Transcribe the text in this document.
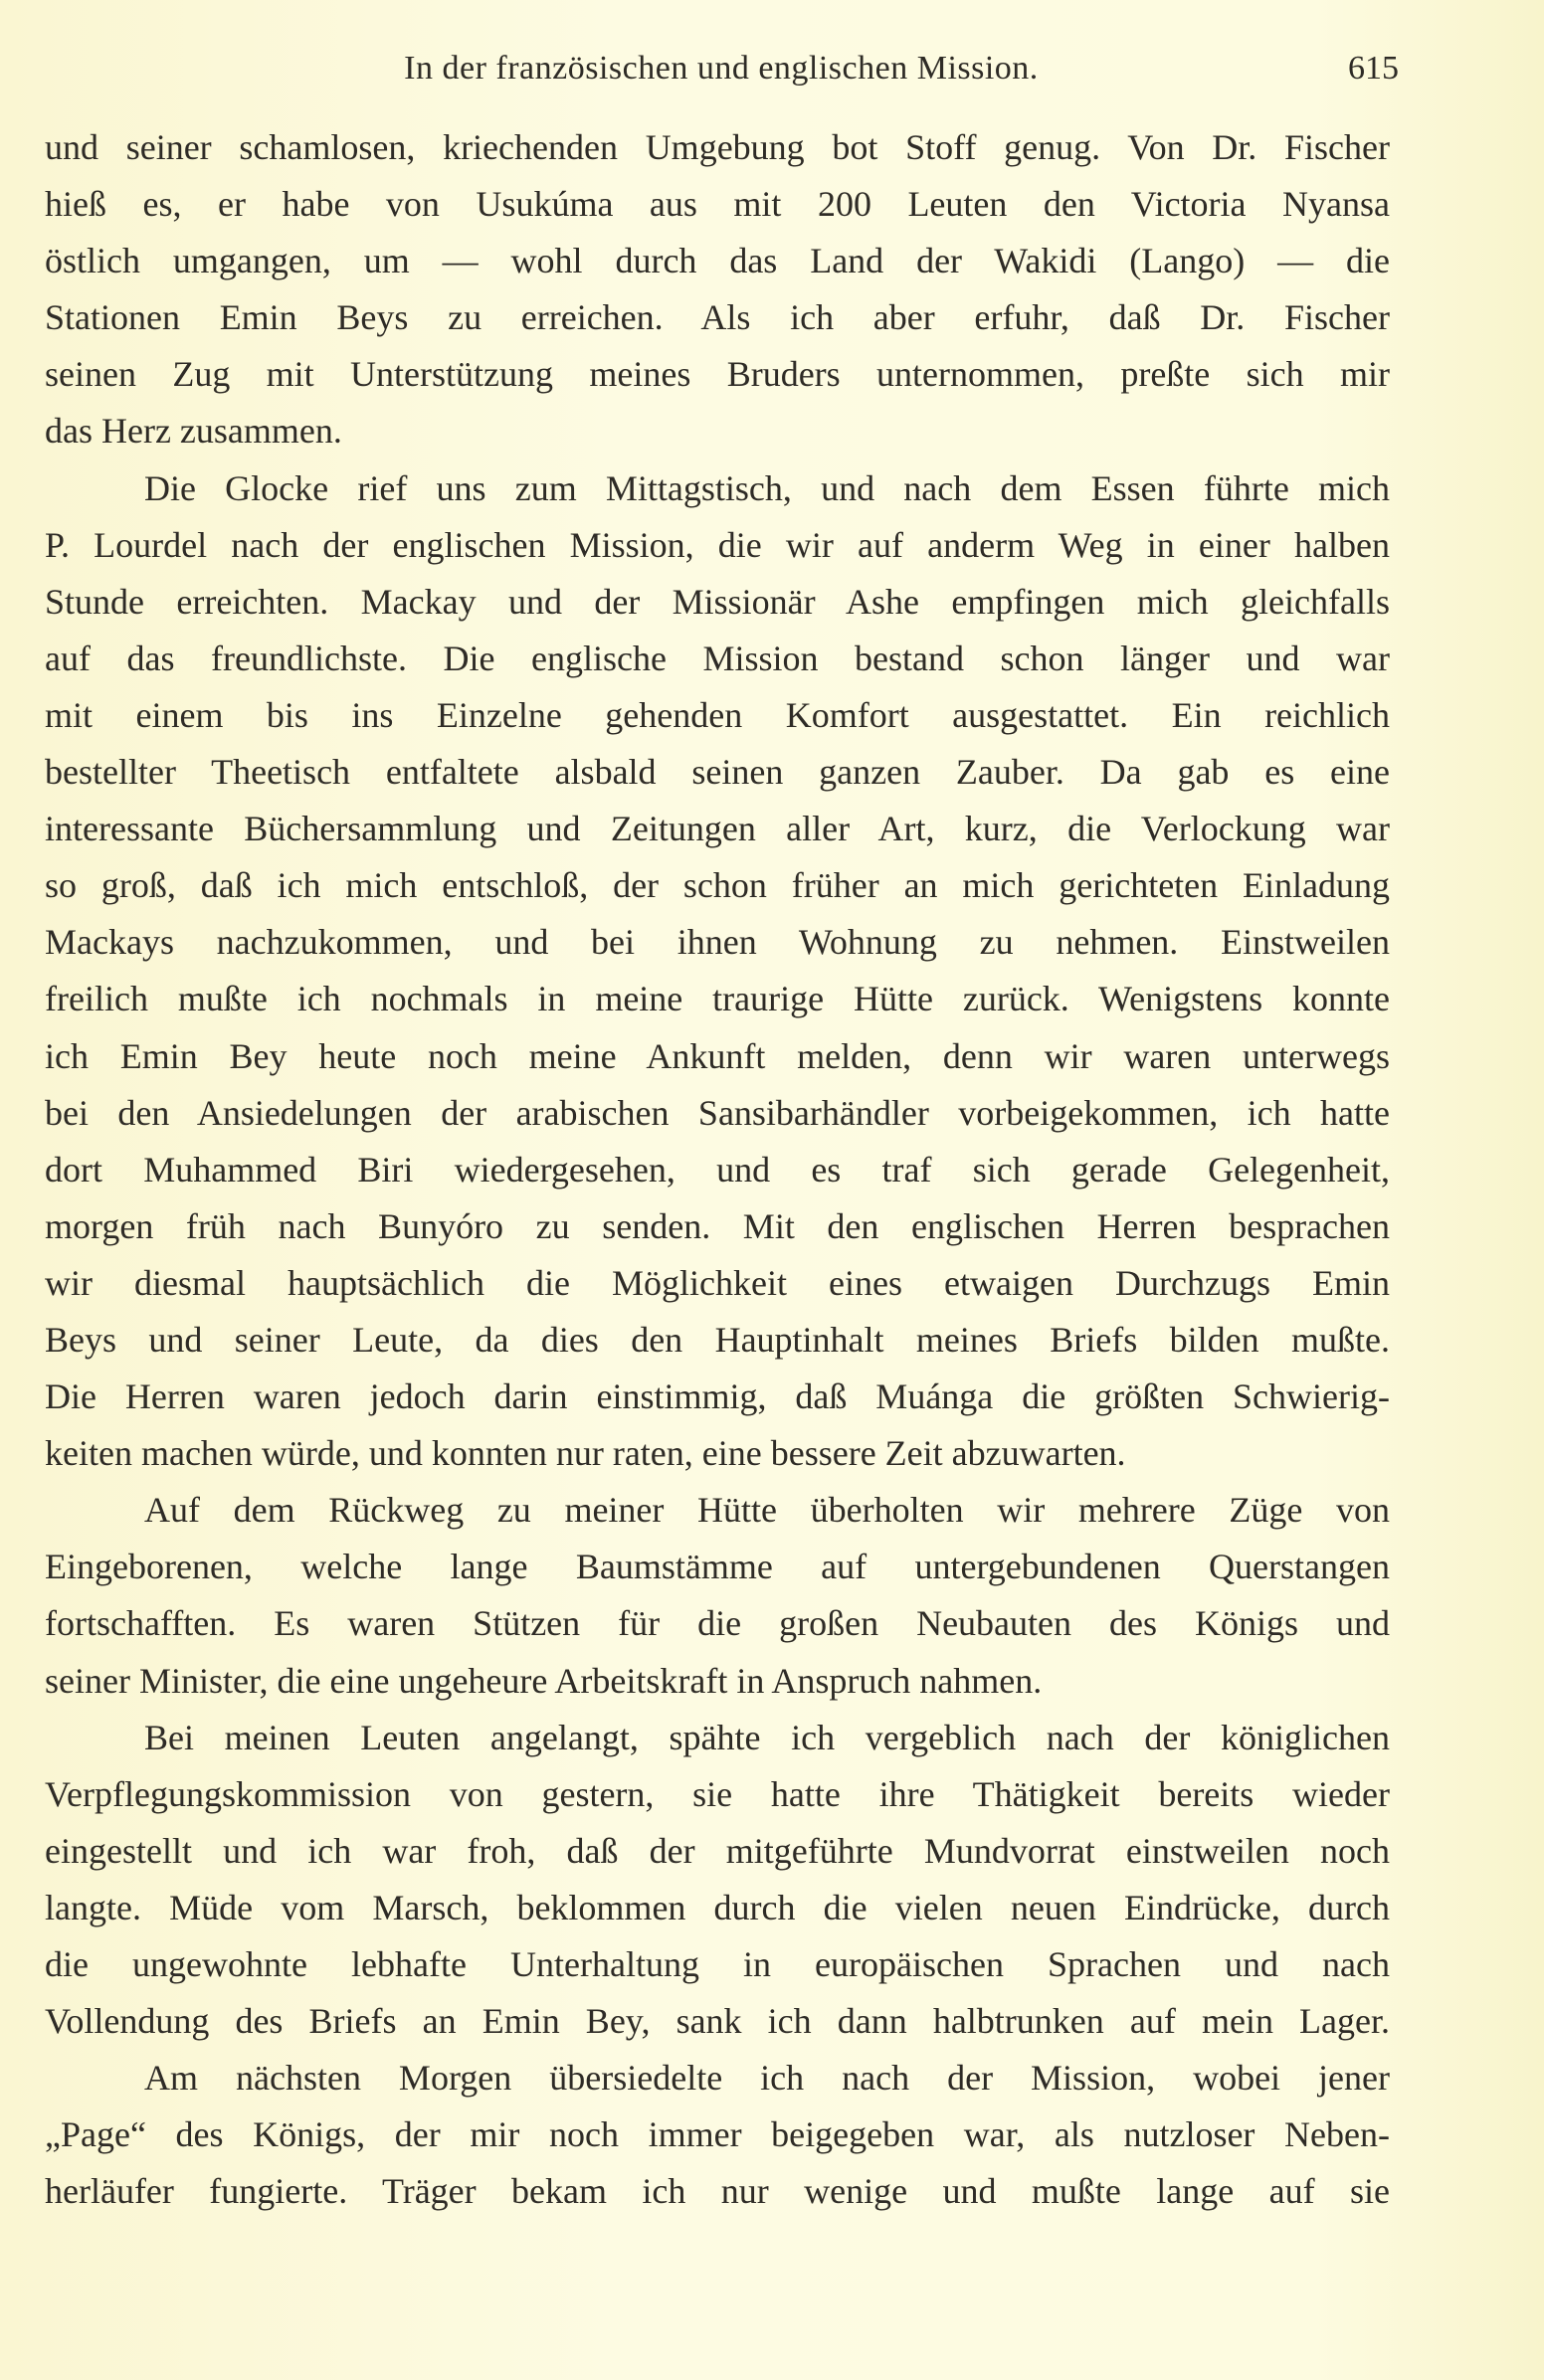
In der französischen und englischen Mission.	615
und seiner schamlosen, kriechenden Umgebung bot Stoff genug. Von Dr. Fischer
hieß es, er habe von Usukúma aus mit 200 Leuten den Victoria Nyansa
östlich umgangen, um — wohl durch das Land der Wakidi (Lango) — die
Stationen Emin Beys zu erreichen. Als ich aber erfuhr, daß Dr. Fischer
seinen Zug mit Unterstützung meines Bruders unternommen, preßte sich mir
das Herz zusammen.
Die Glocke rief uns zum Mittagstisch, und nach dem Essen führte mich
P. Lourdel nach der englischen Mission, die wir auf anderm Weg in einer halben
Stunde erreichten. Mackay und der Missionär Ashe empfingen mich gleichfalls
auf das freundlichste. Die englische Mission bestand schon länger und war
mit einem bis ins Einzelne gehenden Komfort ausgestattet. Ein reichlich
bestellter Theetisch entfaltete alsbald seinen ganzen Zauber. Da gab es eine
interessante Büchersammlung und Zeitungen aller Art, kurz, die Verlockung war
so groß, daß ich mich entschloß, der schon früher an mich gerichteten Einladung
Mackays nachzukommen, und bei ihnen Wohnung zu nehmen. Einstweilen
freilich mußte ich nochmals in meine traurige Hütte zurück. Wenigstens konnte
ich Emin Bey heute noch meine Ankunft melden, denn wir waren unterwegs
bei den Ansiedelungen der arabischen Sansibarhändler vorbeigekommen, ich hatte
dort Muhammed Biri wiedergesehen, und es traf sich gerade Gelegenheit,
morgen früh nach Bunyóro zu senden. Mit den englischen Herren besprachen
wir diesmal hauptsächlich die Möglichkeit eines etwaigen Durchzugs Emin
Beys und seiner Leute, da dies den Hauptinhalt meines Briefs bilden mußte.
Die Herren waren jedoch darin einstimmig, daß Muánga die größten Schwierig-
keiten machen würde, und konnten nur raten, eine bessere Zeit abzuwarten.
Auf dem Rückweg zu meiner Hütte überholten wir mehrere Züge von
Eingeborenen, welche lange Baumstämme auf untergebundenen Querstangen
fortschafften. Es waren Stützen für die großen Neubauten des Königs und
seiner Minister, die eine ungeheure Arbeitskraft in Anspruch nahmen.
Bei meinen Leuten angelangt, spähte ich vergeblich nach der königlichen
Verpflegungskommission von gestern, sie hatte ihre Thätigkeit bereits wieder
eingestellt und ich war froh, daß der mitgeführte Mundvorrat einstweilen noch
langte. Müde vom Marsch, beklommen durch die vielen neuen Eindrücke, durch
die ungewohnte lebhafte Unterhaltung in europäischen Sprachen und nach
Vollendung des Briefs an Emin Bey, sank ich dann halbtrunken auf mein Lager.
Am nächsten Morgen übersiedelte ich nach der Mission, wobei jener
„Page“ des Königs, der mir noch immer beigegeben war, als nutzloser Neben-
herläufer fungierte. Träger bekam ich nur wenige und mußte lange auf sie
